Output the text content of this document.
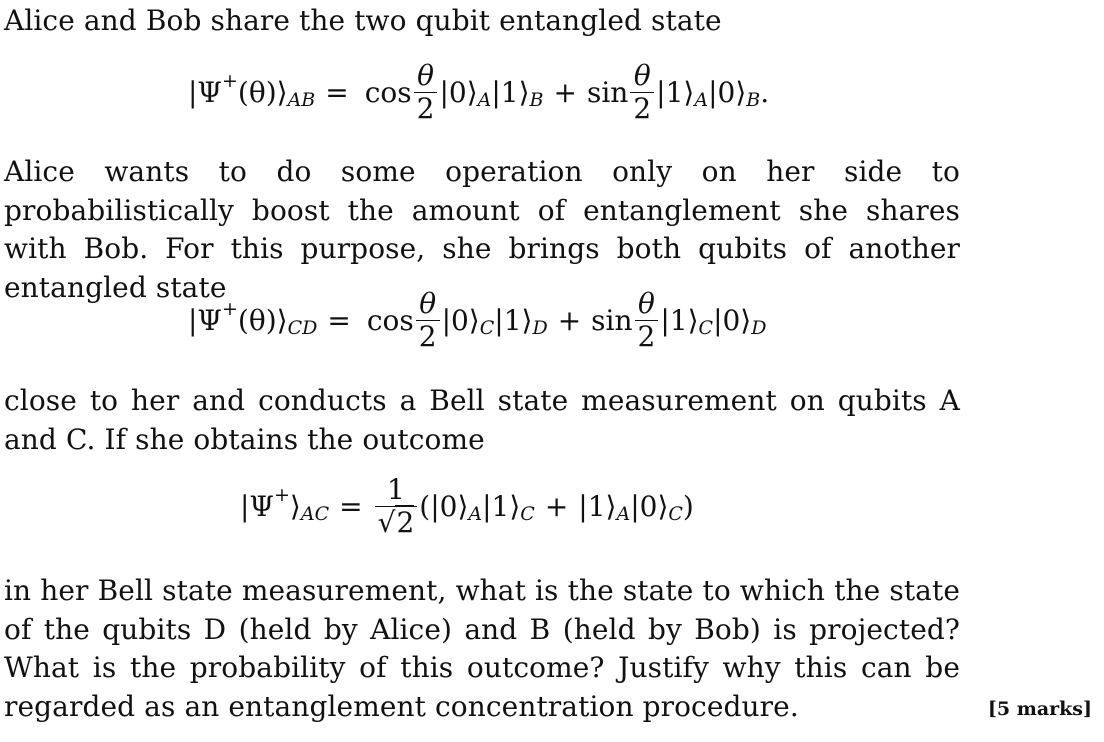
Alice and Bob share the two qubit entangled state
|Ψ + (θ)⟩ AB = $\cos \frac{\theta}{2}$ |0⟩ A |1⟩ $B + \sin \frac{\theta}{2}$ |1⟩ A |0⟩ B .
Alice wants to do some operation only on her side to probabilistically boost the amount of entanglement she shares with Bob. For this purpose, she brings both qubits of another entangled state
|Ψ + (θ)⟩ CD = $\cos \frac{\theta}{2}$ |0⟩ C |1⟩ $D + \sin \frac{\theta}{2}$ |1⟩ C |0⟩ D
close to her and conducts a Bell state measurement on qubits A and C. If she obtains the outcome
|Ψ + ⟩ AC = $\frac{1}{√2}$ ( |0⟩ A |1⟩ C + |1⟩ A |0⟩ C )
in her Bell state measurement, what is the state to which the state of the qubits D (held by Alice) and B (held by Bob) is projected? What is the probability of this outcome? Justify why this can be regarded as an entanglement concentration procedure.	[5 marks]
